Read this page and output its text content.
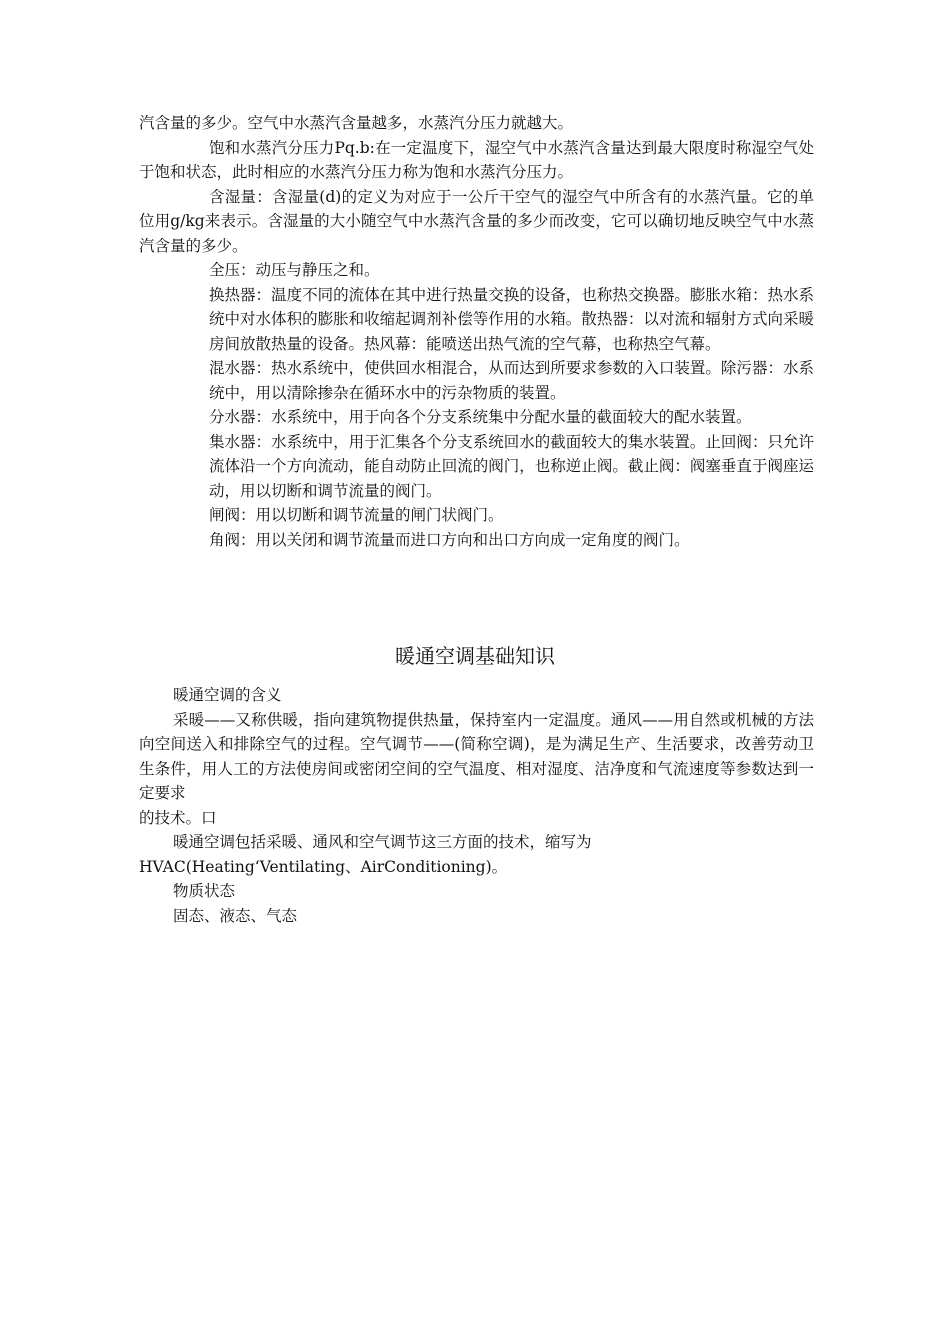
汽含量的多少。空气中水蒸汽含量越多，水蒸汽分压力就越大。

饱和水蒸汽分压力Pq.b:在一定温度下，湿空气中水蒸汽含量达到最大限度时称湿空气处于饱和状态，此时相应的水蒸汽分压力称为饱和水蒸汽分压力。

含湿量：含湿量(d)的定义为对应于一公斤干空气的湿空气中所含有的水蒸汽量。它的单位用g/kg来表示。含湿量的大小随空气中水蒸汽含量的多少而改变，它可以确切地反映空气中水蒸汽含量的多少。

全压：动压与静压之和。

换热器：温度不同的流体在其中进行热量交换的设备，也称热交换器。膨胀水箱：热水系统中对水体积的膨胀和收缩起调剂补偿等作用的水箱。散热器：以对流和辐射方式向采暖房间放散热量的设备。热风幕：能喷送出热气流的空气幕，也称热空气幕。

混水器：热水系统中，使供回水相混合，从而达到所要求参数的入口装置。除污器：水系统中，用以清除掺杂在循环水中的污杂物质的装置。

分水器：水系统中，用于向各个分支系统集中分配水量的截面较大的配水装置。

集水器：水系统中，用于汇集各个分支系统回水的截面较大的集水装置。止回阀：只允许流体沿一个方向流动，能自动防止回流的阀门，也称逆止阀。截止阀：阀塞垂直于阀座运动，用以切断和调节流量的阀门。

闸阀：用以切断和调节流量的闸门状阀门。

角阀：用以关闭和调节流量而进口方向和出口方向成一定角度的阀门。

暖通空调基础知识

暖通空调的含义

采暖——又称供暖，指向建筑物提供热量，保持室内一定温度。通风——用自然或机械的方法向空间送入和排除空气的过程。空气调节——(简称空调)，是为满足生产、生活要求，改善劳动卫生条件，用人工的方法使房间或密闭空间的空气温度、相对湿度、洁净度和气流速度等参数达到一定要求

的技术。口

暖通空调包括采暖、通风和空气调节这三方面的技术，缩写为

HVAC(Heating‘Ventilating、AirConditioning)。

物质状态

固态、液态、气态
